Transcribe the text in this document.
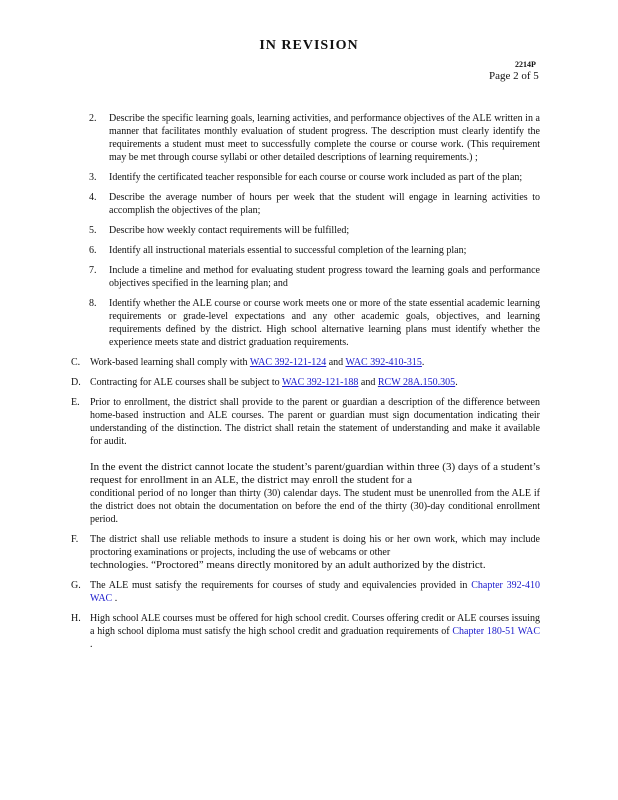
IN REVISION
2214P
Page 2 of 5
2. Describe the specific learning goals, learning activities, and performance objectives of the ALE written in a manner that facilitates monthly evaluation of student progress. The description must clearly identify the requirements a student must meet to successfully complete the course or course work. (This requirement may be met through course syllabi or other detailed descriptions of learning requirements.) ;

3. Identify the certificated teacher responsible for each course or course work included as part of the plan;

4. Describe the average number of hours per week that the student will engage in learning activities to accomplish the objectives of the plan;

5. Describe how weekly contact requirements will be fulfilled;

6. Identify all instructional materials essential to successful completion of the learning plan;

7. Include a timeline and method for evaluating student progress toward the learning goals and performance objectives specified in the learning plan; and

8. Identify whether the ALE course or course work meets one or more of the state essential academic learning requirements or grade-level expectations and any other academic goals, objectives, and learning requirements defined by the district. High school alternative learning plans must identify whether the experience meets state and district graduation requirements.

C. Work-based learning shall comply with WAC 392-121-124 and WAC 392-410-315.

D. Contracting for ALE courses shall be subject to WAC 392-121-188 and RCW 28A.150.305.

E. Prior to enrollment, the district shall provide to the parent or guardian a description of the difference between home-based instruction and ALE courses. The parent or guardian must sign documentation indicating their understanding of the distinction. The district shall retain the statement of understanding and make it available for audit.

In the event the district cannot locate the student’s parent/guardian within three (3) days of a student’s request for enrollment in an ALE, the district may enroll the student for a

conditional period of no longer than thirty (30) calendar days. The student must be unenrolled from the ALE if the district does not obtain the documentation on before the end of the thirty (30)-day conditional enrollment period.

F. The district shall use reliable methods to insure a student is doing his or her own work, which may include proctoring examinations or projects, including the use of webcams or other

technologies. “Proctored” means directly monitored by an adult authorized by the district.

G. The ALE must satisfy the requirements for courses of study and equivalencies provided in Chapter 392-410 WAC .

H. High school ALE courses must be offered for high school credit. Courses offering credit or ALE courses issuing a high school diploma must satisfy the high school credit and graduation requirements of Chapter 180-51 WAC .
